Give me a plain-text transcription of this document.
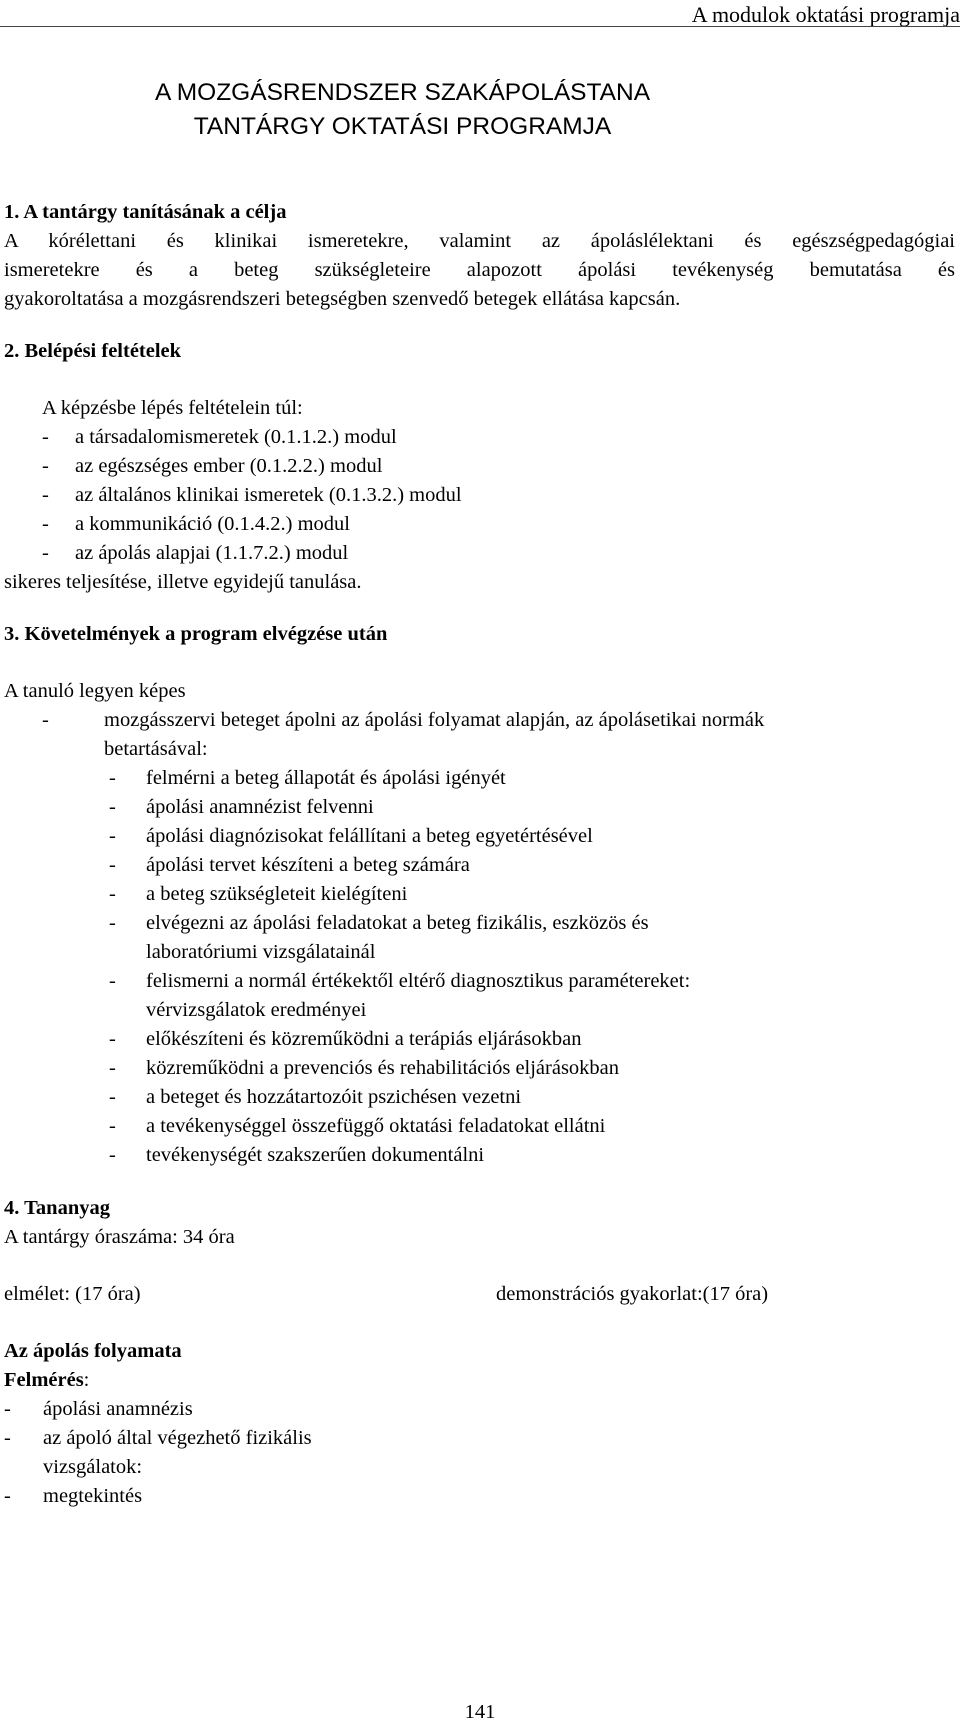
A modulok oktatási programja
A MOZGÁSRENDSZER SZAKÁPOLÁSTANA
TANTÁRGY OKTATÁSI PROGRAMJA
1. A tantárgy tanításának a célja
A kórélettani és klinikai ismeretekre, valamint az ápoláslélektani és egészségpedagógiai
ismeretekre és a beteg szükségleteire alapozott ápolási tevékenység bemutatása és
gyakoroltatása a mozgásrendszeri betegségben szenvedő betegek ellátása kapcsán.
2. Belépési feltételek
A képzésbe lépés feltételein túl:
- a társadalomismeretek (0.1.1.2.) modul
- az egészséges ember (0.1.2.2.) modul
- az általános klinikai ismeretek (0.1.3.2.) modul
- a kommunikáció (0.1.4.2.) modul
- az ápolás alapjai (1.1.7.2.) modul
sikeres teljesítése, illetve egyidejű tanulása.
3. Követelmények a program elvégzése után
A tanuló legyen képes
-	mozgásszervi beteget ápolni az ápolási folyamat alapján, az ápolásetikai normák
betartásával:
- felmérni a beteg állapotát és ápolási igényét
- ápolási anamnézist felvenni
- ápolási diagnózisokat felállítani a beteg egyetértésével
- ápolási tervet készíteni a beteg számára
- a beteg szükségleteit kielégíteni
- elvégezni az ápolási feladatokat a beteg fizikális, eszközös és
laboratóriumi vizsgálatainál
- felismerni a normál értékektől eltérő diagnosztikus paramétereket:
vérvizsgálatok eredményei
- előkészíteni és közreműködni a terápiás eljárásokban
- közreműködni a prevenciós és rehabilitációs eljárásokban
- a beteget és hozzátartozóit pszichésen vezetni
- a tevékenységgel összefüggő oktatási feladatokat ellátni
- tevékenységét szakszerűen dokumentálni
4. Tananyag
A tantárgy óraszáma: 34 óra
elmélet: (17 óra)	demonstrációs gyakorlat:(17 óra)
Az ápolás folyamata
Felmérés:
- ápolási anamnézis
- az ápoló által végezhető fizikális
vizsgálatok:
- megtekintés
141
